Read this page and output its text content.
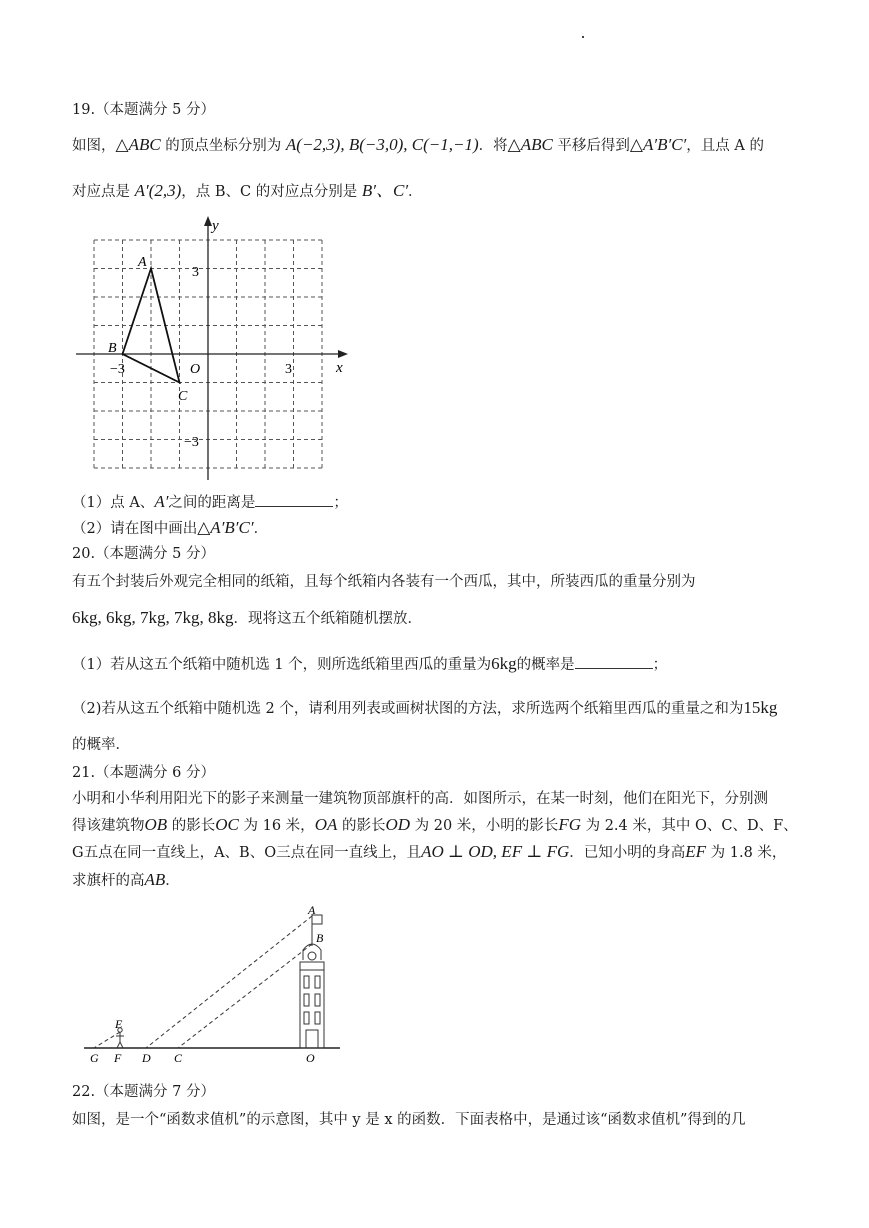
19.（本题满分 5 分）
如图，△ABC 的顶点坐标分别为 A(−2,3), B(−3,0), C(−1,−1)．将△ABC 平移后得到△A′B′C′，且点 A 的
对应点是 A′(2,3)，点 B、C 的对应点分别是 B′、C′．
x
y
O
−3	3
3
−3
A
B
C
（1）点 A、A′之间的距离是	；
（2）请在图中画出△A′B′C′．
20.（本题满分 5 分）
有五个封装后外观完全相同的纸箱，且每个纸箱内各装有一个西瓜，其中，所装西瓜的重量分别为
6kg, 6kg, 7kg, 7kg, 8kg．现将这五个纸箱随机摆放．
（1）若从这五个纸箱中随机选 1 个，则所选纸箱里西瓜的重量为6kg的概率是	；
（2)若从这五个纸箱中随机选 2 个，请利用列表或画树状图的方法，求所选两个纸箱里西瓜的重量之和为15kg
的概率．
21.（本题满分 6 分）
小明和小华利用阳光下的影子来测量一建筑物顶部旗杆的高．如图所示，在某一时刻，他们在阳光下，分别测
得该建筑物OB 的影长OC 为 16 米，OA 的影长OD 为 20 米，小明的影长FG 为 2.4 米，其中 O、C、D、F、
G五点在同一直线上，A、B、O三点在同一直线上，且AO ⊥ OD, EF ⊥ FG．已知小明的身高EF 为 1.8 米，
求旗杆的高AB．
A
B
E
G F D C	O
22.（本题满分 7 分）
如图，是一个“函数求值机”的示意图，其中 y 是 x 的函数．下面表格中，是通过该“函数求值机”得到的几
